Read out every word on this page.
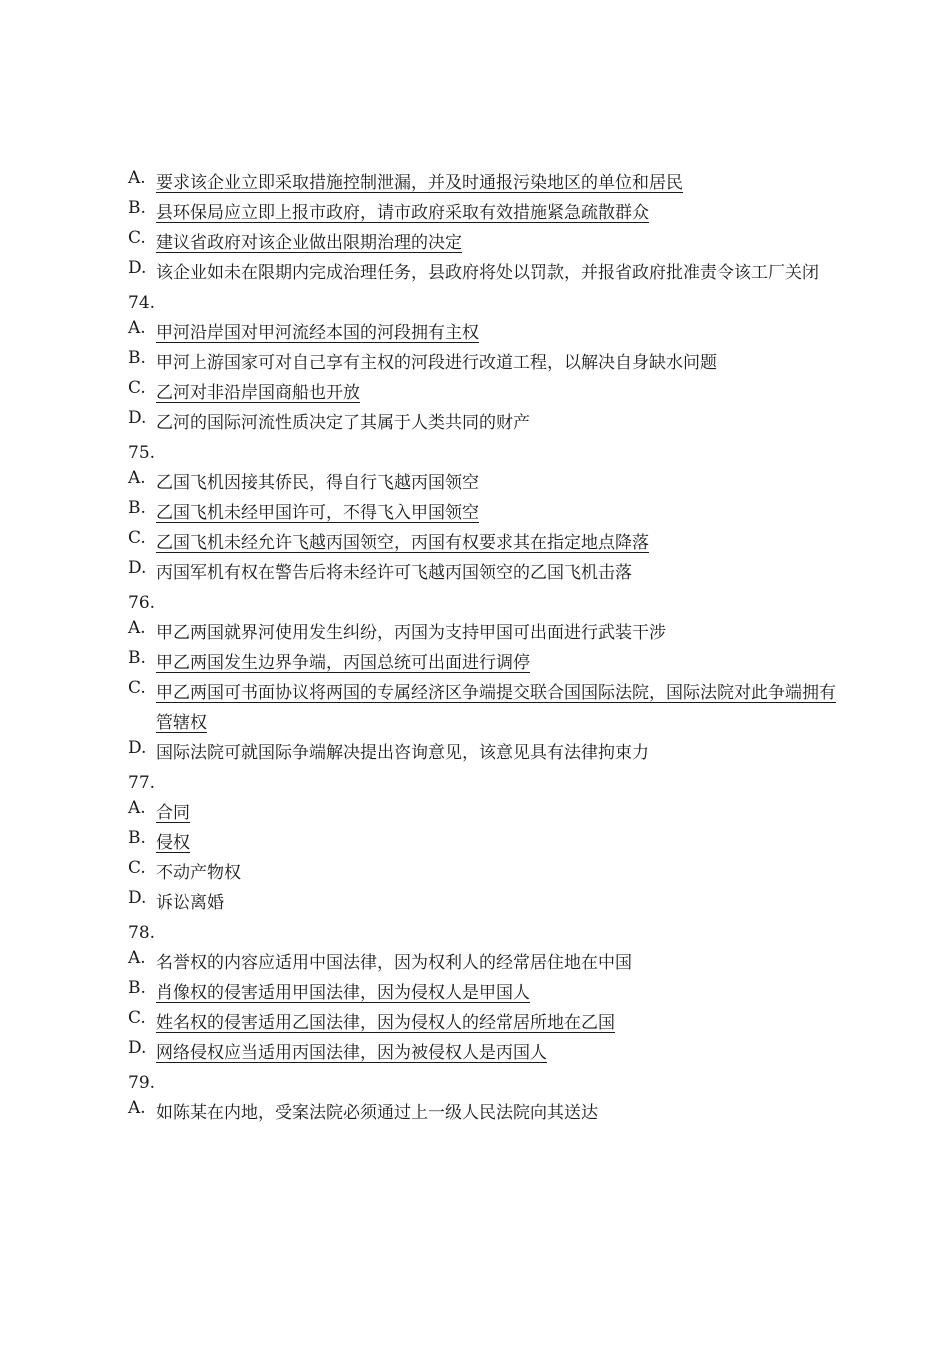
A. 要求该企业立即采取措施控制泄漏，并及时通报污染地区的单位和居民
B. 县环保局应立即上报市政府，请市政府采取有效措施紧急疏散群众
C. 建议省政府对该企业做出限期治理的决定
D. 该企业如未在限期内完成治理任务，县政府将处以罚款，并报省政府批准责令该工厂关闭
74.
A. 甲河沿岸国对甲河流经本国的河段拥有主权
B. 甲河上游国家可对自己享有主权的河段进行改道工程，以解决自身缺水问题
C. 乙河对非沿岸国商船也开放
D. 乙河的国际河流性质决定了其属于人类共同的财产
75.
A. 乙国飞机因接其侨民，得自行飞越丙国领空
B. 乙国飞机未经甲国许可，不得飞入甲国领空
C. 乙国飞机未经允许飞越丙国领空，丙国有权要求其在指定地点降落
D. 丙国军机有权在警告后将未经许可飞越丙国领空的乙国飞机击落
76.
A. 甲乙两国就界河使用发生纠纷，丙国为支持甲国可出面进行武装干涉
B. 甲乙两国发生边界争端，丙国总统可出面进行调停
C. 甲乙两国可书面协议将两国的专属经济区争端提交联合国国际法院，国际法院对此争端拥有管辖权
D. 国际法院可就国际争端解决提出咨询意见，该意见具有法律拘束力
77.
A. 合同
B. 侵权
C. 不动产物权
D. 诉讼离婚
78.
A. 名誉权的内容应适用中国法律，因为权利人的经常居住地在中国
B. 肖像权的侵害适用甲国法律，因为侵权人是甲国人
C. 姓名权的侵害适用乙国法律，因为侵权人的经常居所地在乙国
D. 网络侵权应当适用丙国法律，因为被侵权人是丙国人
79.
A. 如陈某在内地，受案法院必须通过上一级人民法院向其送达
